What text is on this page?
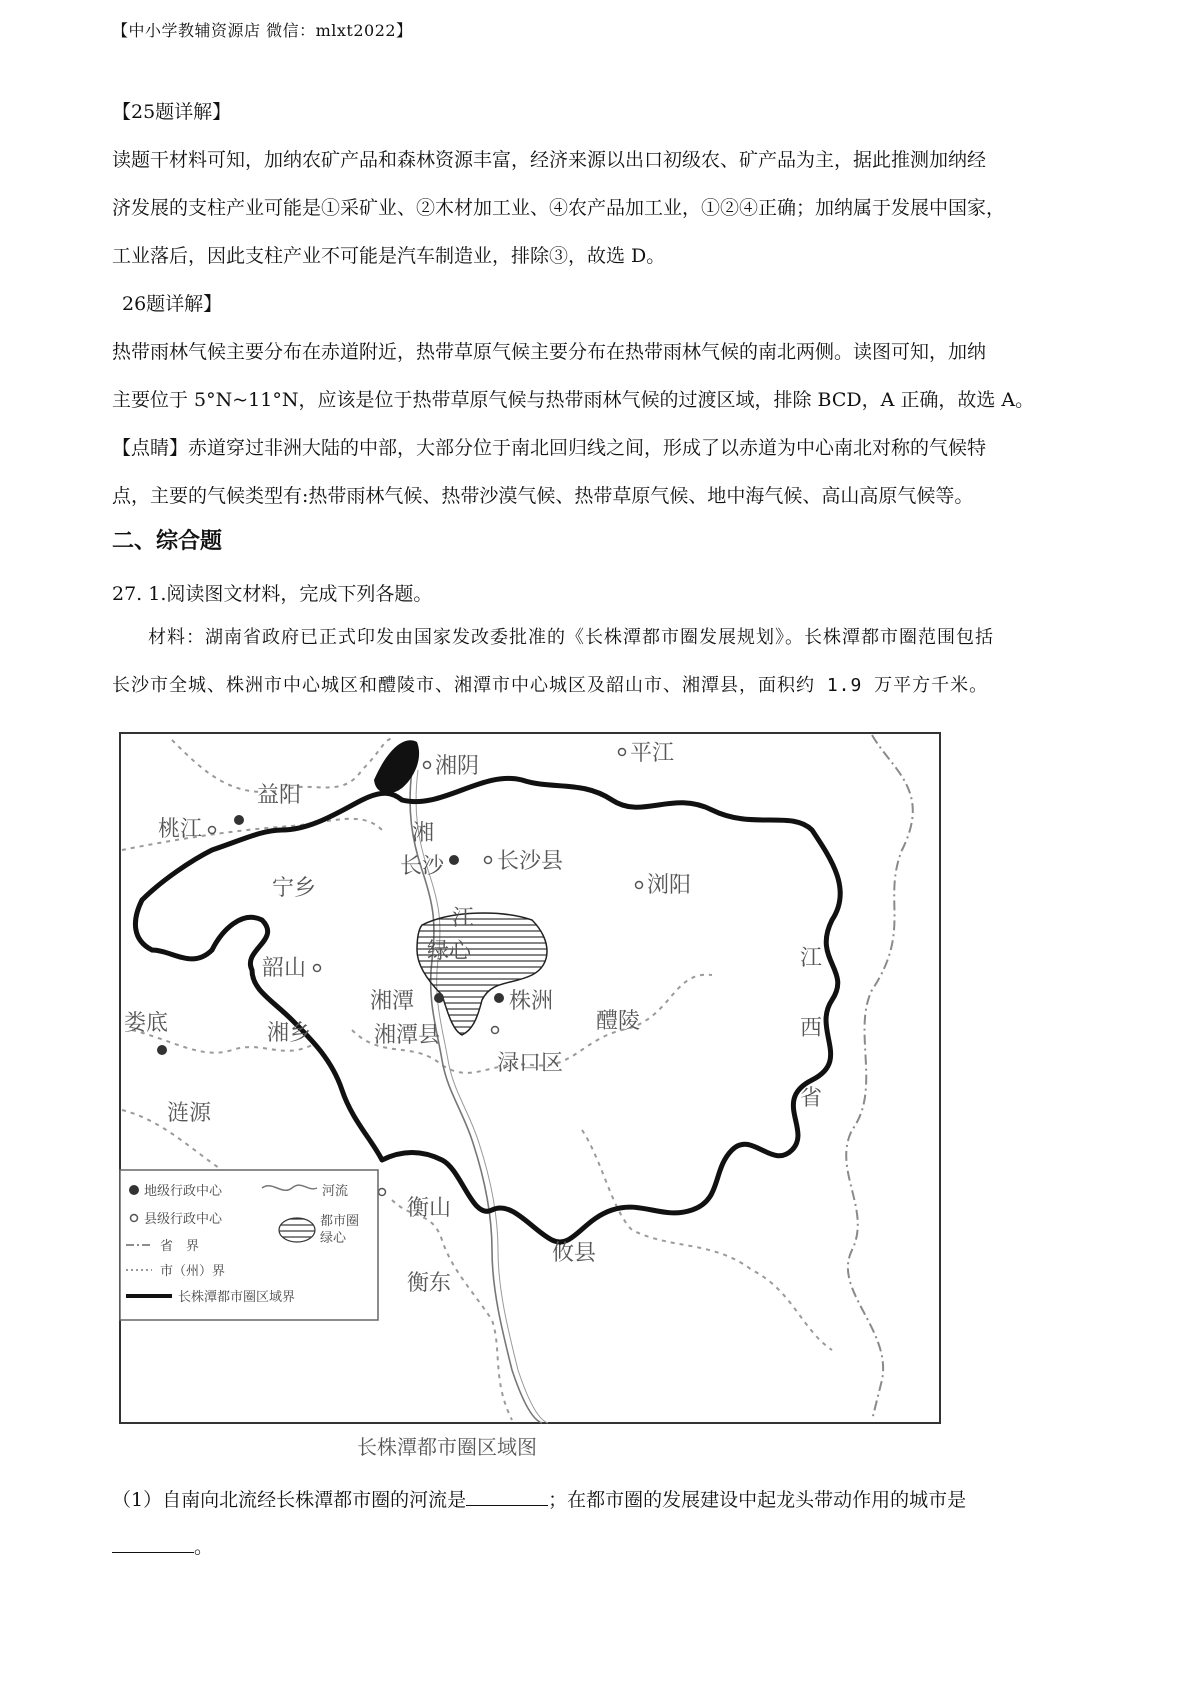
【中小学教辅资源店 微信：mlxt2022】
【25题详解】
读题干材料可知，加纳农矿产品和森林资源丰富，经济来源以出口初级农、矿产品为主，据此推测加纳经
济发展的支柱产业可能是①采矿业、②木材加工业、④农产品加工业，①②④正确；加纳属于发展中国家，
工业落后，因此支柱产业不可能是汽车制造业，排除③，故选 D。
26题详解】
热带雨林气候主要分布在赤道附近，热带草原气候主要分布在热带雨林气候的南北两侧。读图可知，加纳
主要位于 5°N~11°N，应该是位于热带草原气候与热带雨林气候的过渡区域，排除 BCD，A 正确，故选 A。
【点睛】赤道穿过非洲大陆的中部，大部分位于南北回归线之间，形成了以赤道为中心南北对称的气候特
点，主要的气候类型有:热带雨林气候、热带沙漠气候、热带草原气候、地中海气候、高山高原气候等。
二、综合题
27. 1.阅读图文材料，完成下列各题。
材料：湖南省政府已正式印发由国家发改委批准的《长株潭都市圈发展规划》。长株潭都市圈范围包括
长沙市全城、株洲市中心城区和醴陵市、湘潭市中心城区及韶山市、湘潭县，面积约 1.9 万平方千米。
湘阴
平江
益阳
桃江	湘
江
宁乡
长沙 长沙县
浏阳
绿心
韶山
湘潭	株洲
醴陵
湘乡	湘潭县
渌口区
娄底
涟源
衡山
衡东
攸县
江
西
省
地级行政中心	河流
县级行政中心	都市圈
绿心
省　界
市（州）界
长株潭都市圈区域界
长株潭都市圈区域图
（1）自南向北流经长株潭都市圈的河流是	；在都市圈的发展建设中起龙头带动作用的城市是
。
